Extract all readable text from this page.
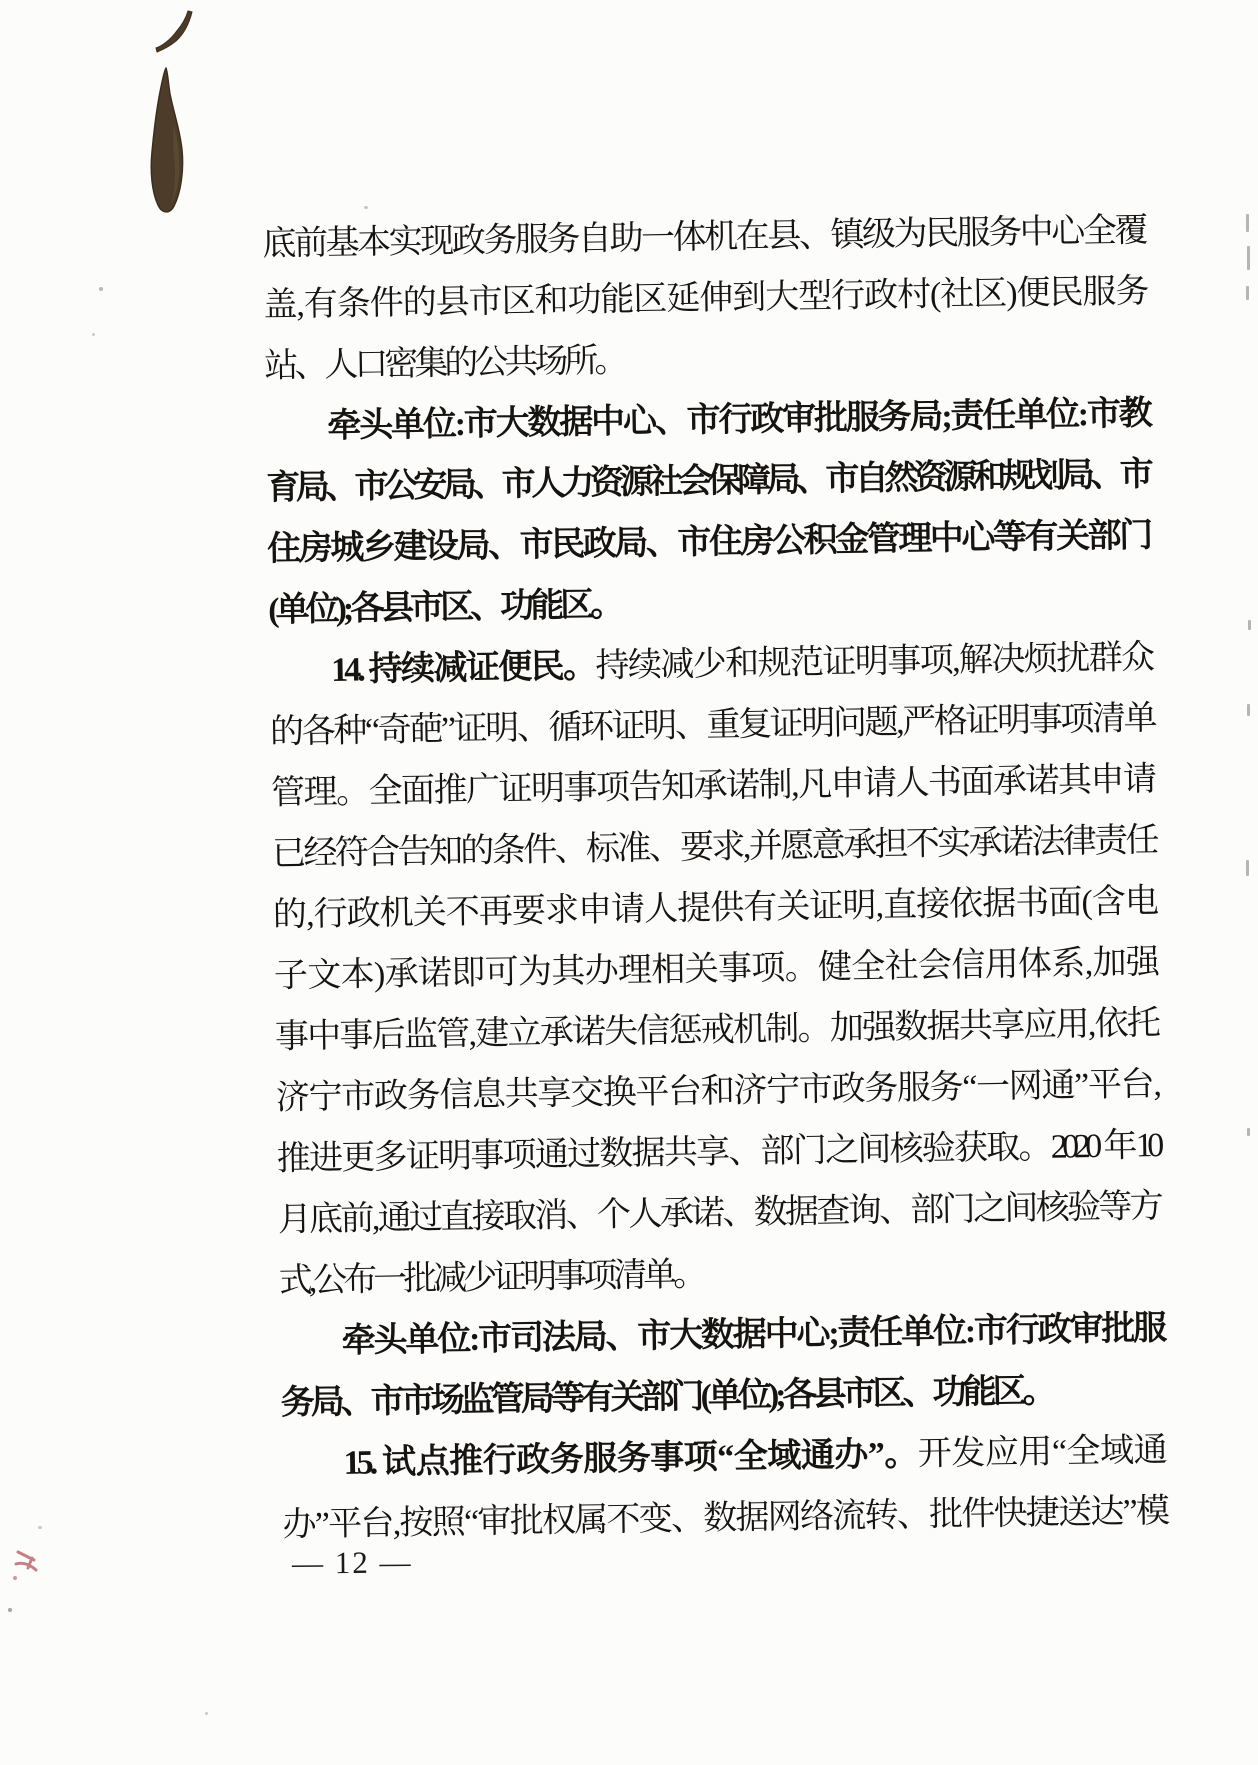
底前基本实现政务服务自助一体机在县、镇级为民服务中心全覆
盖,有条件的县市区和功能区延伸到大型行政村(社区)便民服务
站、人口密集的公共场所。
牵头单位:市大数据中心、市行政审批服务局;责任单位:市教
育局、市公安局、市人力资源社会保障局、市自然资源和规划局、市
住房城乡建设局、市民政局、市住房公积金管理中心等有关部门
(单位);各县市区、功能区。
14. 持续减证便民。持续减少和规范证明事项,解决烦扰群众
的各种“奇葩”证明、循环证明、重复证明问题,严格证明事项清单
管理。全面推广证明事项告知承诺制,凡申请人书面承诺其申请
已经符合告知的条件、标准、要求,并愿意承担不实承诺法律责任
的,行政机关不再要求申请人提供有关证明,直接依据书面(含电
子文本)承诺即可为其办理相关事项。健全社会信用体系,加强
事中事后监管,建立承诺失信惩戒机制。加强数据共享应用,依托
济宁市政务信息共享交换平台和济宁市政务服务“一网通”平台,
推进更多证明事项通过数据共享、部门之间核验获取。2020 年10
月底前,通过直接取消、个人承诺、数据查询、部门之间核验等方
式,公布一批减少证明事项清单。
牵头单位:市司法局、市大数据中心;责任单位:市行政审批服
务局、市市场监管局等有关部门(单位);各县市区、功能区。
15. 试点推行政务服务事项“全域通办”。开发应用“全域通
办”平台,按照“审批权属不变、数据网络流转、批件快捷送达”模
— 12 —
